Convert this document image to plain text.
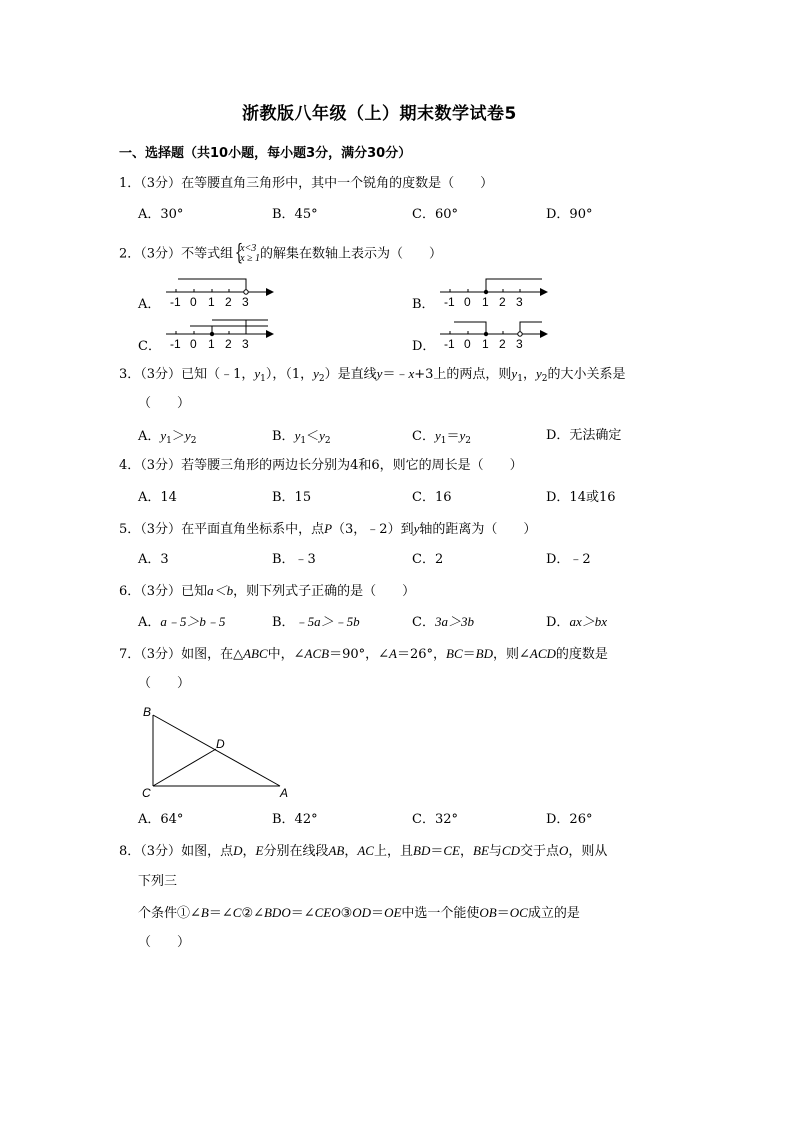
浙教版八年级（上）期末数学试卷5
一、选择题（共10小题，每小题3分，满分30分）
1．（3分）在等腰直角三角形中，其中一个锐角的度数是（　　）
A．30°	B．45°	C．60°	D．90°
2．（3分）不等式组 {
x<3
x ≥ 1的解集在数轴上表示为（　　）
A．	B．
C．	D．
-1 0 1 2 3	-1 0 1 2 3
-1 0 1 2 3	-1 0 1 2 3
3．（3分）已知（﹣1，$y_1$），（1，$y_2$）是直线y＝﹣x+3上的两点，则$y_1$，$y_2$的大小关系是
（　　）
A．$y_1>y_2$	B．$y_1<y_2$	C．$y_1=y_2$	D．无法确定
4．（3分）若等腰三角形的两边长分别为4和6，则它的周长是（　　）
A．14	B．15	C．16	D．14或16
5．（3分）在平面直角坐标系中，点P（3，﹣2）到y轴的距离为（　　）
A．3	B．﹣3	C．2	D．﹣2
6．（3分）已知a＜b，则下列式子正确的是（　　）
A．a﹣5＞b﹣5	B．﹣5a＞﹣5b	C．3a＞3b	D．ax＞bx
7．（3分）如图，在△ABC中，∠ACB＝90°，∠A＝26°，BC＝BD，则∠ACD的度数是
（　　）
B
D
C	A
A．64°	B．42°	C．32°	D．26°
8．（3分）如图，点D，E分别在线段AB，AC上，且BD＝CE，BE与CD交于点O，则从
下列三
个条件①∠B＝∠C②∠BDO＝∠CEO③OD＝OE中选一个能使OB＝OC成立的是
（　　）
